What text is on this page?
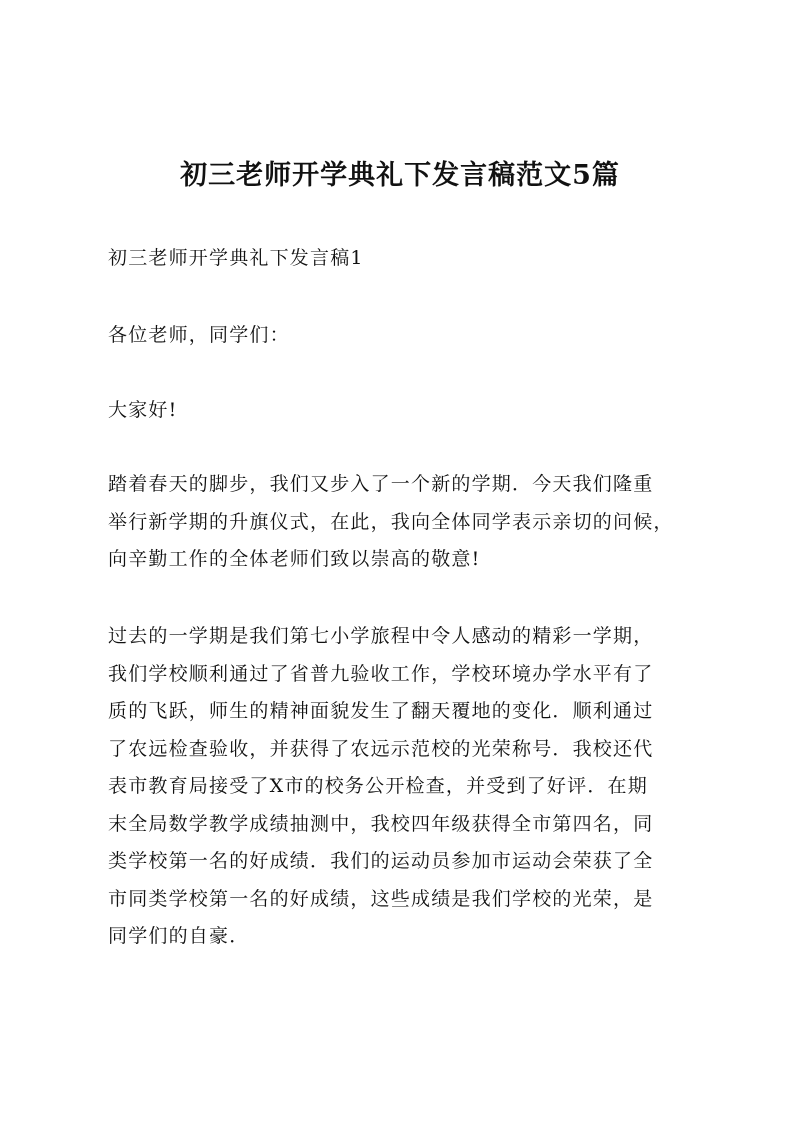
初三老师开学典礼下发言稿范文5篇

初三老师开学典礼下发言稿1

各位老师，同学们：

大家好!

踏着春天的脚步，我们又步入了一个新的学期．今天我们隆重
举行新学期的升旗仪式，在此，我向全体同学表示亲切的问候，
向辛勤工作的全体老师们致以崇高的敬意!

过去的一学期是我们第七小学旅程中令人感动的精彩一学期，
我们学校顺利通过了省普九验收工作，学校环境办学水平有了
质的飞跃，师生的精神面貌发生了翻天覆地的变化．顺利通过
了农远检查验收，并获得了农远示范校的光荣称号．我校还代
表市教育局接受了X市的校务公开检查，并受到了好评．在期
末全局数学教学成绩抽测中，我校四年级获得全市第四名，同
类学校第一名的好成绩．我们的运动员参加市运动会荣获了全
市同类学校第一名的好成绩，这些成绩是我们学校的光荣，是
同学们的自豪．
